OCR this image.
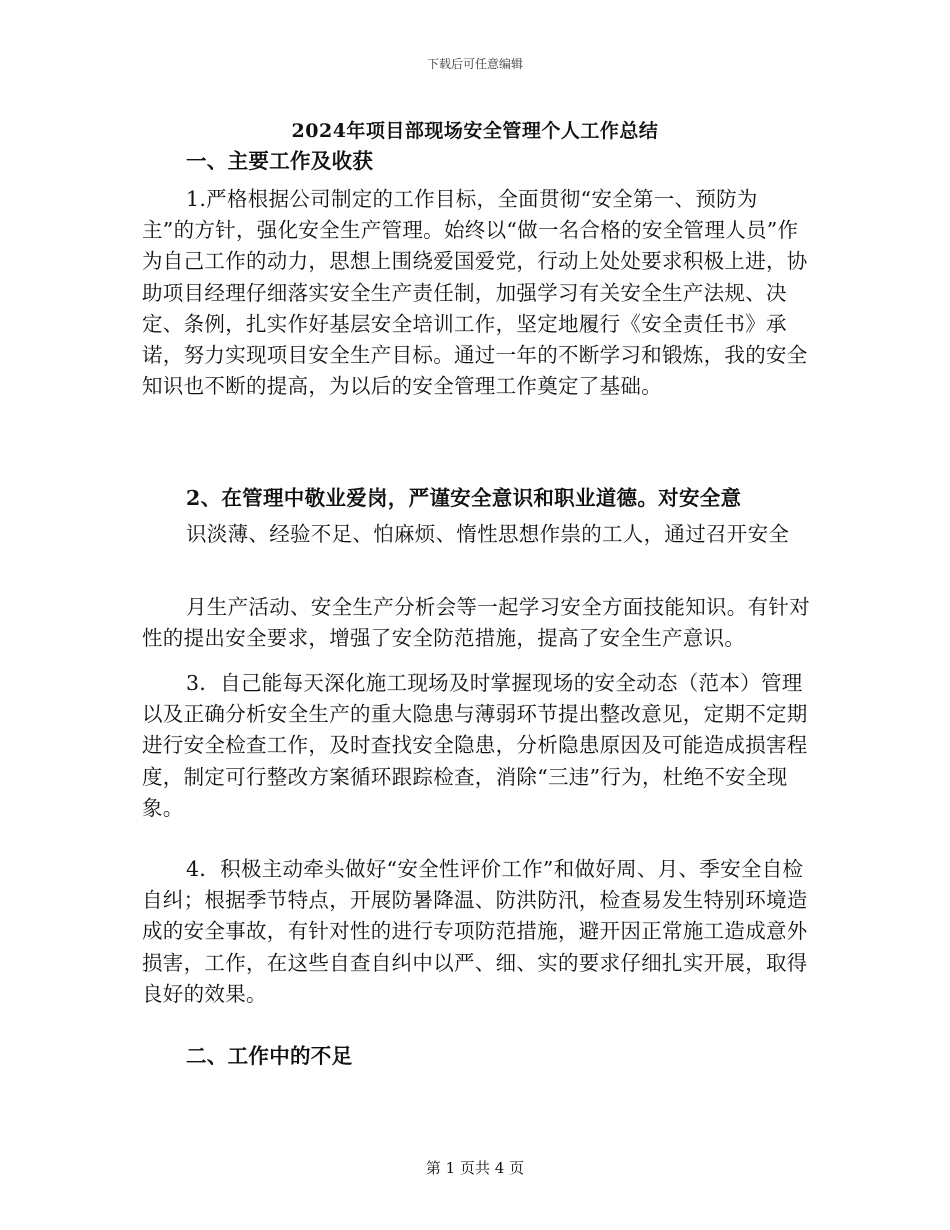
下载后可任意编辑
2024年项目部现场安全管理个人工作总结

一、主要工作及收获

1.严格根据公司制定的工作目标，全面贯彻“安全第一、预防为主”的方针，强化安全生产管理。始终以“做一名合格的安全管理人员”作为自己工作的动力，思想上围绕爱国爱党，行动上处处要求积极上进，协助项目经理仔细落实安全生产责任制，加强学习有关安全生产法规、决定、条例，扎实作好基层安全培训工作，坚定地履行《安全责任书》承诺，努力实现项目安全生产目标。通过一年的不断学习和锻炼，我的安全知识也不断的提高，为以后的安全管理工作奠定了基础。

2、在管理中敬业爱岗，严谨安全意识和职业道德。对安全意

识淡薄、经验不足、怕麻烦、惰性思想作祟的工人，通过召开安全

月生产活动、安全生产分析会等一起学习安全方面技能知识。有针对性的提出安全要求，增强了安全防范措施，提高了安全生产意识。

3．自己能每天深化施工现场及时掌握现场的安全动态（范本）管理以及正确分析安全生产的重大隐患与薄弱环节提出整改意见，定期不定期进行安全检查工作，及时查找安全隐患，分析隐患原因及可能造成损害程度，制定可行整改方案循环跟踪检查，消除“三违”行为，杜绝不安全现象。

4．积极主动牵头做好“安全性评价工作”和做好周、月、季安全自检自纠；根据季节特点，开展防暑降温、防洪防汛，检查易发生特别环境造成的安全事故，有针对性的进行专项防范措施，避开因正常施工造成意外损害，工作，在这些自查自纠中以严、细、实的要求仔细扎实开展，取得良好的效果。

二、工作中的不足

第 1 页共 4 页
